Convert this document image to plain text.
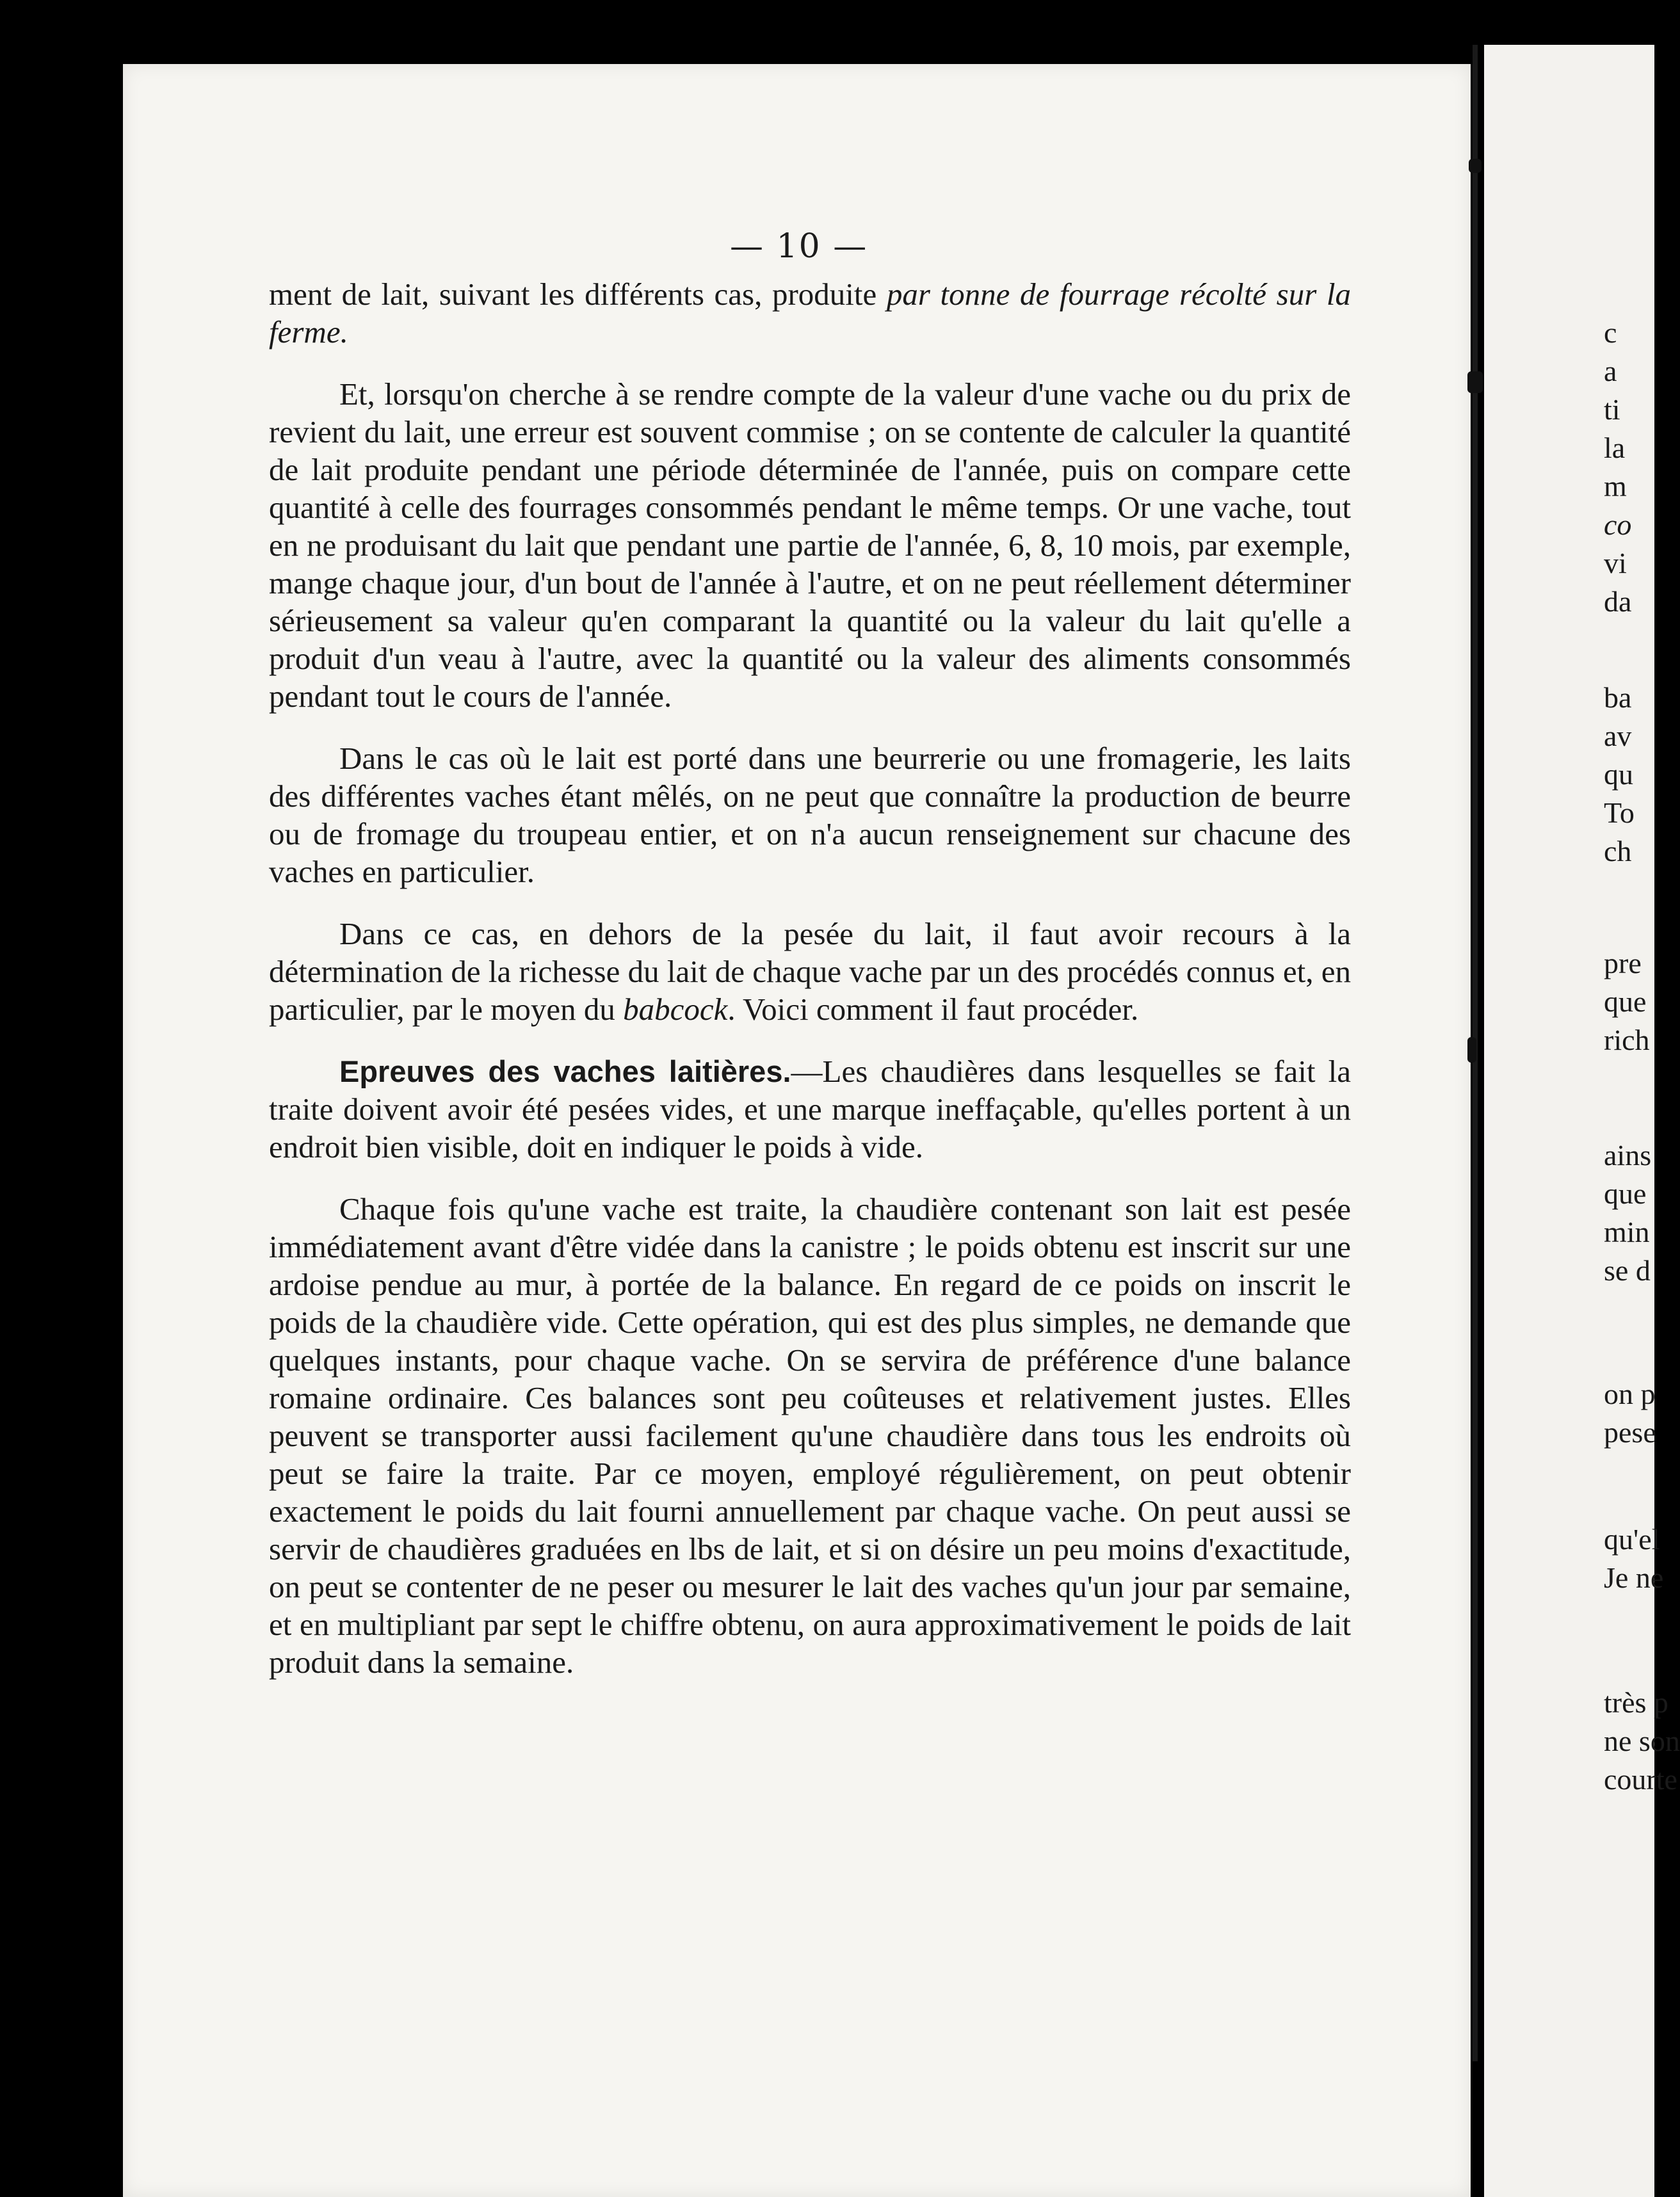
— 10 —

ment de lait, suivant les différents cas, produite par tonne de fourrage récolté sur la ferme.

Et, lorsqu'on cherche à se rendre compte de la valeur d'une vache ou du prix de revient du lait, une erreur est souvent commise ; on se contente de calculer la quantité de lait produite pendant une période déterminée de l'année, puis on compare cette quantité à celle des fourrages consommés pendant le même temps. Or une vache, tout en ne produisant du lait que pendant une partie de l'année, 6, 8, 10 mois, par exemple, mange chaque jour, d'un bout de l'année à l'autre, et on ne peut réellement déterminer sérieusement sa valeur qu'en comparant la quantité ou la valeur du lait qu'elle a produit d'un veau à l'autre, avec la quantité ou la valeur des aliments consommés pendant tout le cours de l'année.

Dans le cas où le lait est porté dans une beurrerie ou une fromagerie, les laits des différentes vaches étant mêlés, on ne peut que connaître la production de beurre ou de fromage du troupeau entier, et on n'a aucun renseignement sur chacune des vaches en particulier.

Dans ce cas, en dehors de la pesée du lait, il faut avoir recours à la détermination de la richesse du lait de chaque vache par un des procédés connus et, en particulier, par le moyen du babcock. Voici comment il faut procéder.

Epreuves des vaches laitières.—Les chaudières dans lesquelles se fait la traite doivent avoir été pesées vides, et une marque ineffaçable, qu'elles portent à un endroit bien visible, doit en indiquer le poids à vide.

Chaque fois qu'une vache est traite, la chaudière contenant son lait est pesée immédiatement avant d'être vidée dans la canistre ; le poids obtenu est inscrit sur une ardoise pendue au mur, à portée de la balance. En regard de ce poids on inscrit le poids de la chaudière vide. Cette opération, qui est des plus simples, ne demande que quelques instants, pour chaque vache. On se servira de préférence d'une balance romaine ordinaire. Ces balances sont peu coûteuses et relativement justes. Elles peuvent se transporter aussi facilement qu'une chaudière dans tous les endroits où peut se faire la traite. Par ce moyen, employé régulièrement, on peut obtenir exactement le poids du lait fourni annuellement par chaque vache. On peut aussi se servir de chaudières graduées en lbs de lait, et si on désire un peu moins d'exactitude, on peut se contenter de ne peser ou mesurer le lait des vaches qu'un jour par semaine, et en multipliant par sept le chiffre obtenu, on aura approximativement le poids de lait produit dans la semaine.

c
a
ti
la
m
co
vi
da
ba
av
qu
To
ch
pre
que
rich
ains
que
min
se d
on p
pese
qu'el
Je ne
très p
ne son
courte
